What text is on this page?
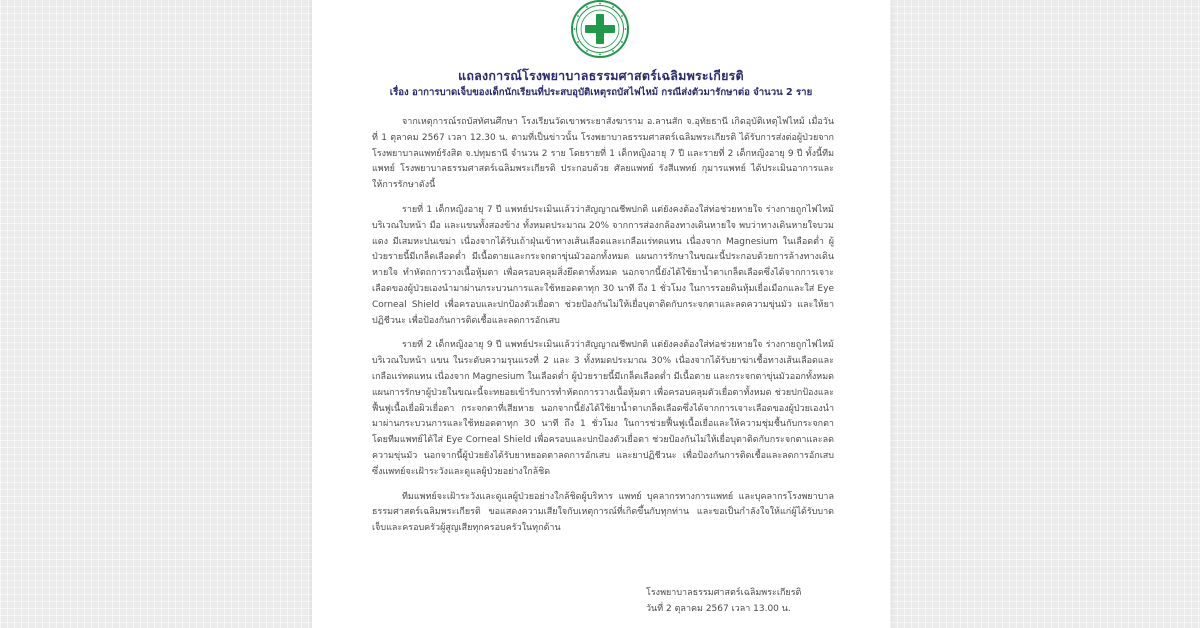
แถลงการณ์โรงพยาบาลธรรมศาสตร์เฉลิมพระเกียรติ
เรื่อง อาการบาดเจ็บของเด็กนักเรียนที่ประสบอุบัติเหตุรถบัสไฟไหม้ กรณีส่งตัวมารักษาต่อ จำนวน 2 ราย

จากเหตุการณ์รถบัสทัศนศึกษา โรงเรียนวัดเขาพระยาสังฆาราม อ.ลานสัก จ.อุทัยธานี เกิดอุบัติเหตุไฟไหม้ เมื่อวันที่ 1 ตุลาคม 2567 เวลา 12.30 น. ตามที่เป็นข่าวนั้น โรงพยาบาลธรรมศาสตร์เฉลิมพระเกียรติ ได้รับการส่งต่อผู้ป่วยจากโรงพยาบาลแพทย์รังสิต จ.ปทุมธานี จำนวน 2 ราย โดยรายที่ 1 เด็กหญิงอายุ 7 ปี และรายที่ 2 เด็กหญิงอายุ 9 ปี ทั้งนี้ทีมแพทย์ โรงพยาบาลธรรมศาสตร์เฉลิมพระเกียรติ ประกอบด้วย ศัลยแพทย์ รังสีแพทย์ กุมารแพทย์ ได้ประเมินอาการและให้การรักษาดังนี้

รายที่ 1 เด็กหญิงอายุ 7 ปี แพทย์ประเมินแล้วว่าสัญญาณชีพปกติ แต่ยังคงต้องใส่ท่อช่วยหายใจ ร่างกายถูกไฟไหม้บริเวณใบหน้า มือ และแขนทั้งสองข้าง ทั้งหมดประมาณ 20% จากการส่องกล้องทางเดินหายใจ พบว่าทางเดินหายใจบวมแดง มีเสมหะปนเขม่า เนื่องจากได้รับเถ้าฝุ่นเข้าทางเส้นเลือดและเกลือแร่ทดแทน เนื่องจาก Magnesium ในเลือดต่ำ ผู้ป่วยรายนี้มีเกล็ดเลือดต่ำ มีเนื้อตายและกระจกตาขุ่นมัวออกทั้งหมด แผนการรักษาในขณะนี้ประกอบด้วยการล้างทางเดินหายใจ ทำหัตถการวางเนื้อหุ้มตา เพื่อครอบคลุมสิ่งยึดตาทั้งหมด นอกจากนี้ยังได้ใช้ยาน้ำตาเกล็ดเลือดซึ่งได้จากการเจาะเลือดของผู้ป่วยเองนำมาผ่านกระบวนการและใช้หยอดตาทุก 30 นาที ถึง 1 ชั่วโมง ในการรอยดินหุ้มเยื่อเมือกและใส่ Eye Corneal Shield เพื่อครอบและปกป้องตัวเยื่อตา ช่วยป้องกันไม่ให้เยื่อบุตาติดกับกระจกตาและลดความขุ่นมัว และให้ยาปฏิชีวนะ เพื่อป้องกันการติดเชื้อและลดการอักเสบ

รายที่ 2 เด็กหญิงอายุ 9 ปี แพทย์ประเมินแล้วว่าสัญญาณชีพปกติ แต่ยังคงต้องใส่ท่อช่วยหายใจ ร่างกายถูกไฟไหม้บริเวณใบหน้า แขน ในระดับความรุนแรงที่ 2 และ 3 ทั้งหมดประมาณ 30% เนื่องจากได้รับยาฆ่าเชื้อทางเส้นเลือดและเกลือแร่ทดแทน เนื่องจาก Magnesium ในเลือดต่ำ ผู้ป่วยรายนี้มีเกล็ดเลือดต่ำ มีเนื้อตาย และกระจกตาขุ่นมัวออกทั้งหมด แผนการรักษาผู้ป่วยในขณะนี้จะทยอยเข้ารับการทำหัตถการวางเนื้อหุ้มตา เพื่อครอบคลุมตัวเยื่อตาทั้งหมด ช่วยปกป้องและฟื้นฟูเนื้อเยื่อผิวเยื่อตา กระจกตาที่เสียหาย นอกจากนี้ยังได้ใช้ยาน้ำตาเกล็ดเลือดซึ่งได้จากการเจาะเลือดของผู้ป่วยเองนำมาผ่านกระบวนการและใช้หยอดตาทุก 30 นาที ถึง 1 ชั่วโมง ในการช่วยฟื้นฟูเนื้อเยื่อและให้ความชุ่มชื้นกับกระจกตา โดยทีมแพทย์ได้ใส่ Eye Corneal Shield เพื่อครอบและปกป้องตัวเยื่อตา ช่วยป้องกันไม่ให้เยื่อบุตาติดกับกระจกตาและลดความขุ่นมัว นอกจากนี้ผู้ป่วยยังได้รับยาหยอดตาลดการอักเสบ และยาปฏิชีวนะ เพื่อป้องกันการติดเชื้อและลดการอักเสบ ซึ่งแพทย์จะเฝ้าระวังและดูแลผู้ป่วยอย่างใกล้ชิด

ทีมแพทย์จะเฝ้าระวังและดูแลผู้ป่วยอย่างใกล้ชิดผู้บริหาร แพทย์ บุคลากรทางการแพทย์ และบุคลากรโรงพยาบาลธรรมศาสตร์เฉลิมพระเกียรติ ขอแสดงความเสียใจกับเหตุการณ์ที่เกิดขึ้นกับทุกท่าน และขอเป็นกำลังใจให้แก่ผู้ได้รับบาดเจ็บและครอบครัวผู้สูญเสียทุกครอบครัวในทุกด้าน

โรงพยาบาลธรรมศาสตร์เฉลิมพระเกียรติ
วันที่ 2 ตุลาคม 2567 เวลา 13.00 น.
